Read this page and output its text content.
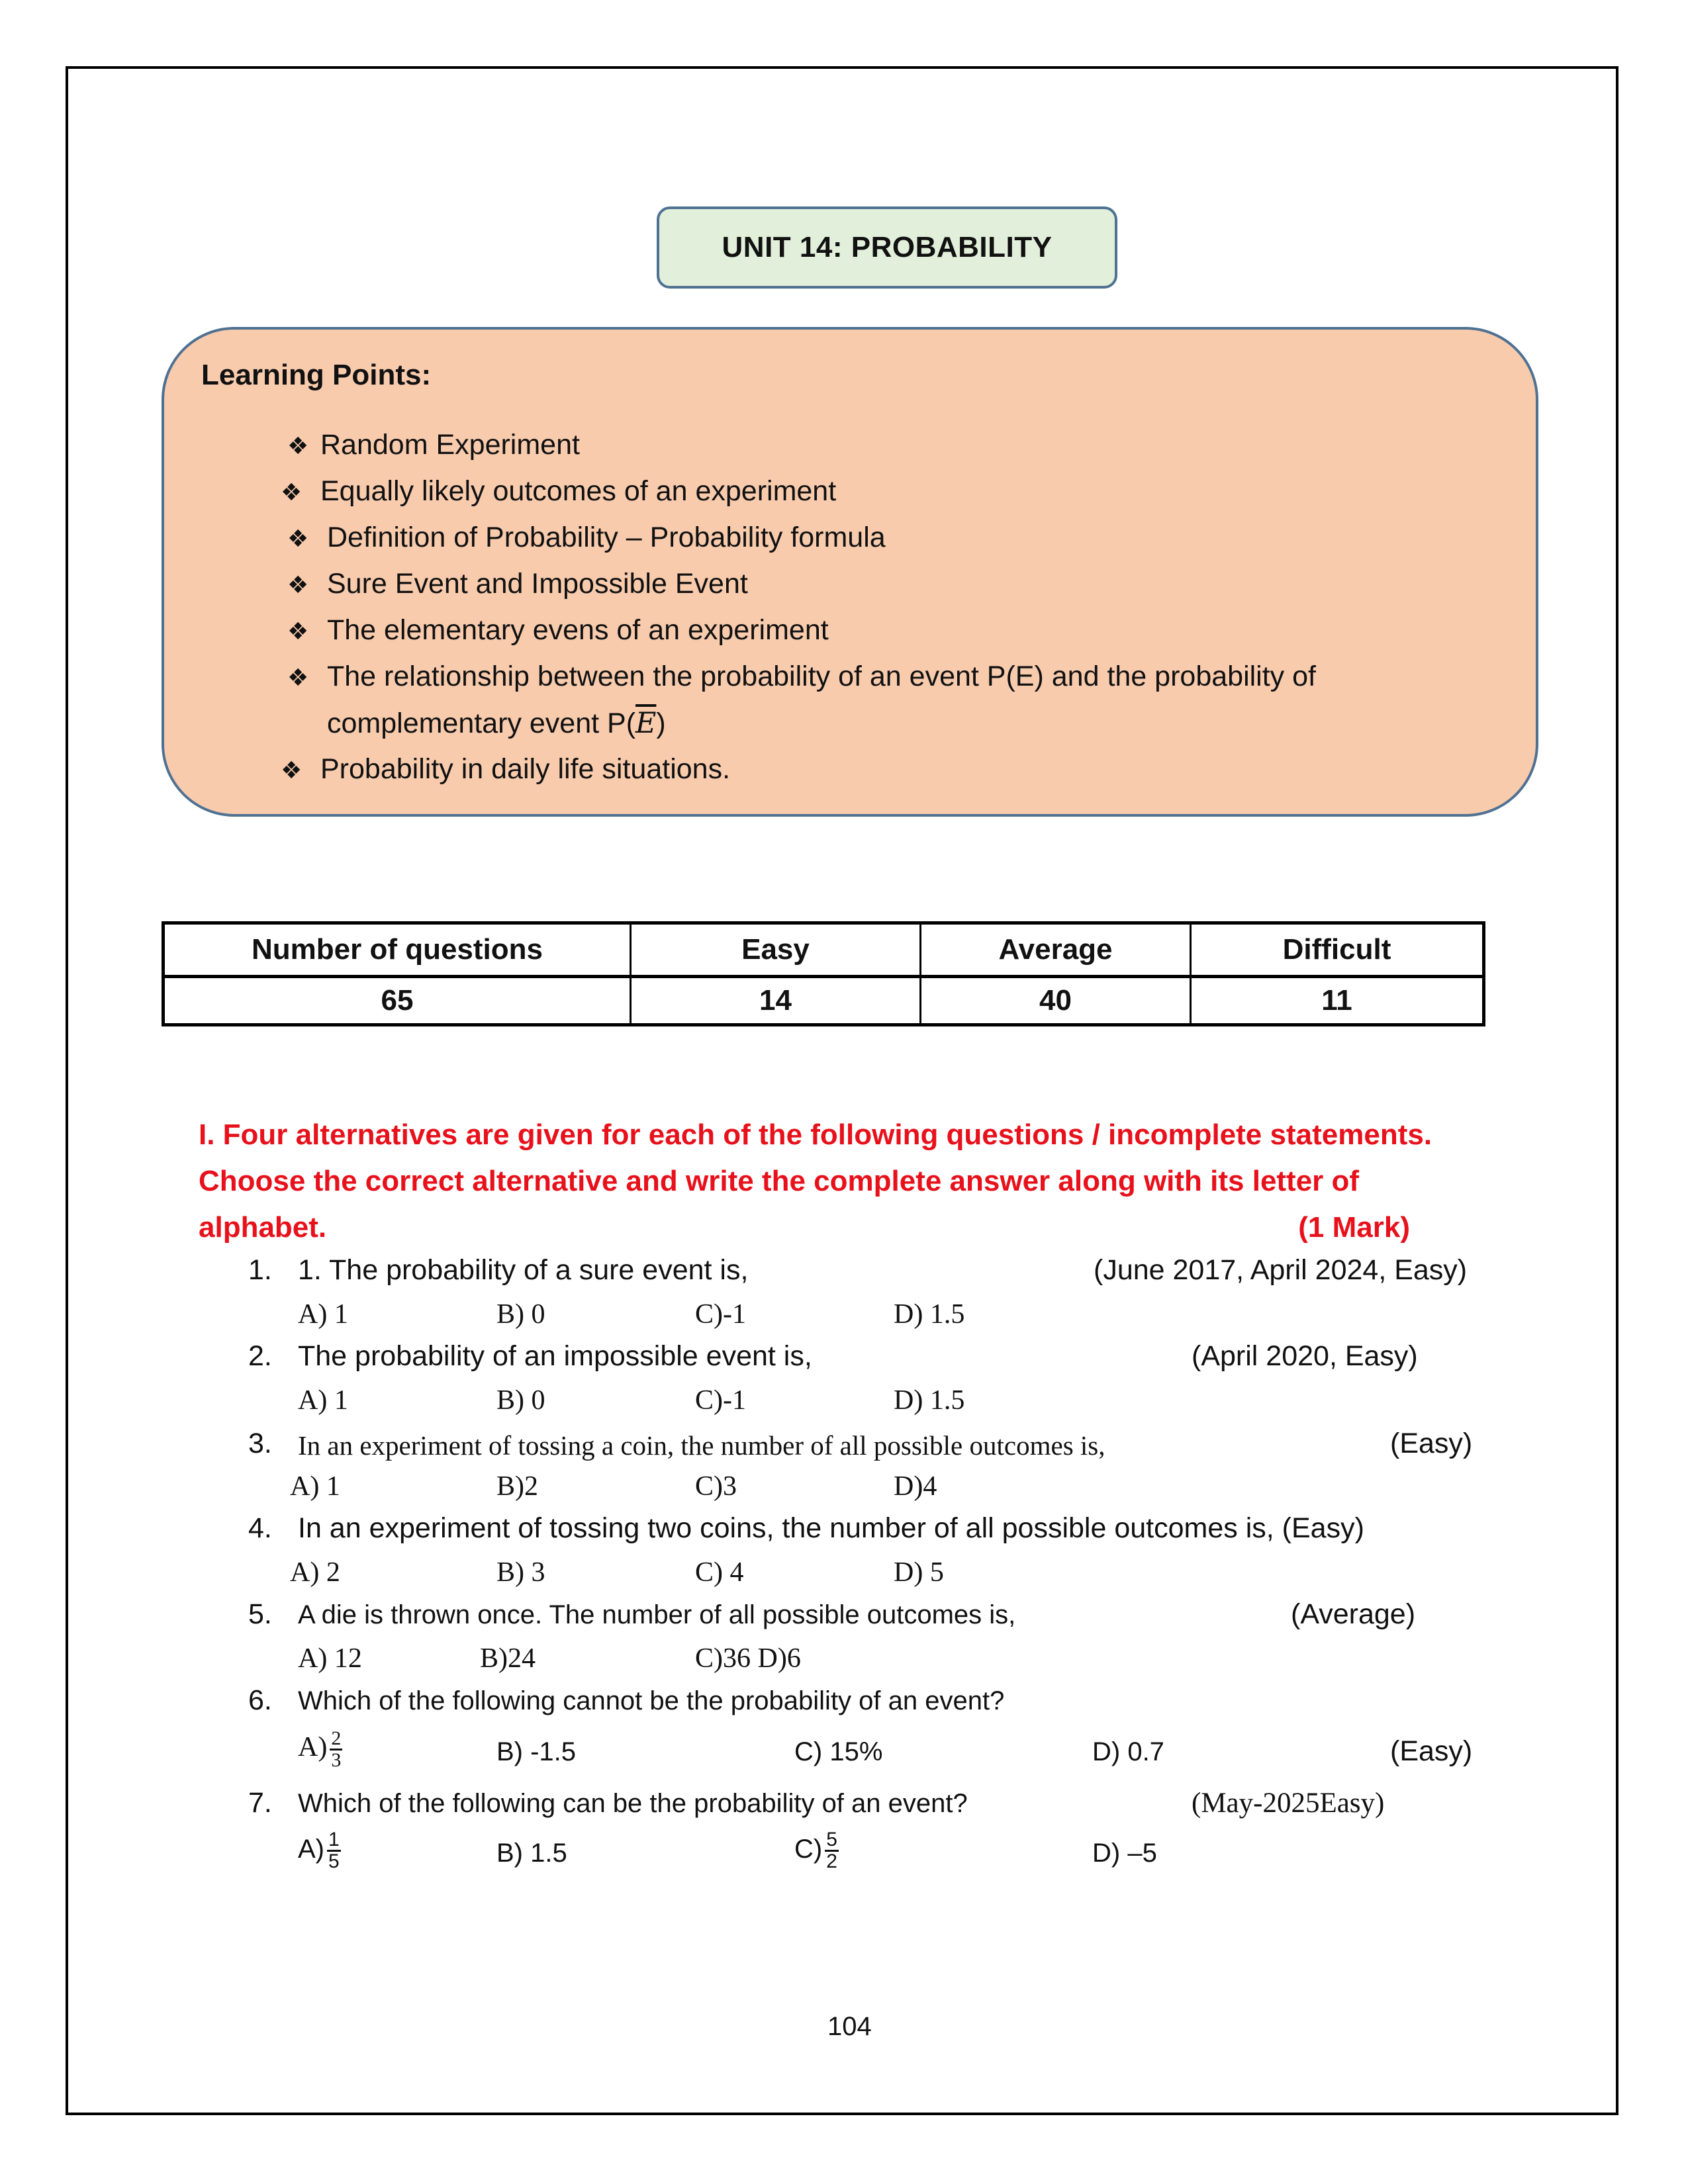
UNIT 14: PROBABILITY
Learning Points:
❖ Random Experiment
❖ Equally likely outcomes of an experiment
❖ Definition of Probability – Probability formula
❖ Sure Event and Impossible Event
❖ The elementary evens of an experiment
❖ The relationship between the probability of an event P(E) and the probability of
complementary event $P(\overline{E})$
❖ Probability in daily life situations.
Number of questions	Easy	Average	Difficult
65	14	40	11
I. Four alternatives are given for each of the following questions / incomplete statements.
Choose the correct alternative and write the complete answer along with its letter of
alphabet.	(1 Mark)
1. 1. The probability of a sure event is,	(June 2017, April 2024, Easy)
A) 1	B) 0	C)-1	D) 1.5
2. The probability of an impossible event is,	(April 2020, Easy)
A) 1	B) 0	C)-1	D) 1.5
3. In an experiment of tossing a coin, the number of all possible outcomes is,	(Easy)
A) 1	B)2	C)3	D)4
4. In an experiment of tossing two coins, the number of all possible outcomes is, (Easy)
A) 2	B) 3	C) 4	D) 5
5. A die is thrown once. The number of all possible outcomes is,	(Average)
A) 12	B)24	C)36 D)6
6. Which of the following cannot be the probability of an event?
$A) \frac{2}{3}$	B) -1.5	C) 15%	D) 0.7	(Easy)
7. Which of the following can be the probability of an event?	(May-2025Easy)
$A) \frac{1}{5}$	B) 1.5	$C) \frac{5}{2}$	D) –5
104
